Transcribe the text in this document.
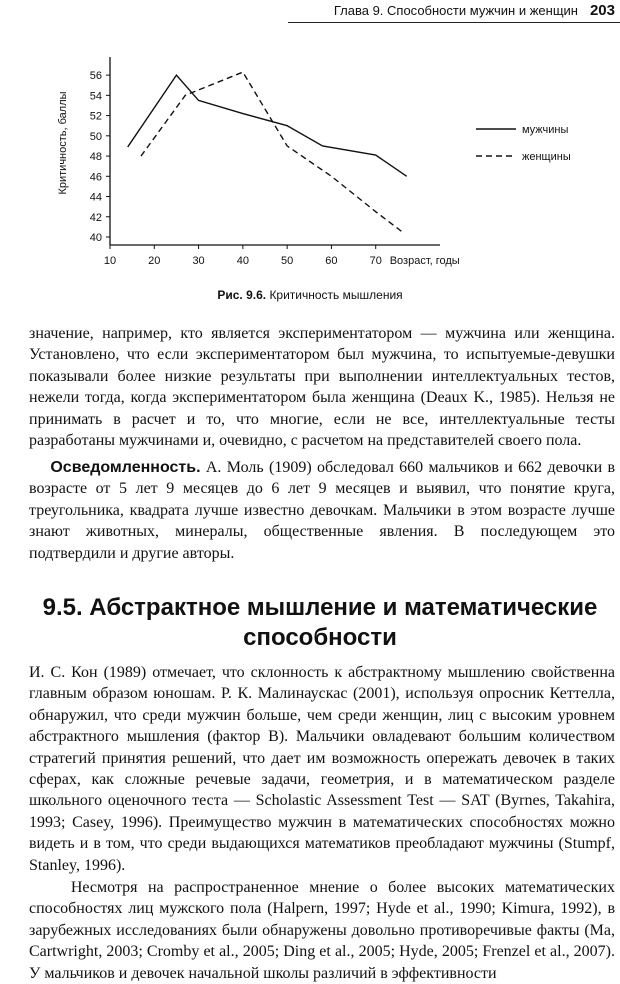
Глава 9. Способности мужчин и женщин 203
40
42
44
46
48
50
52
54
56
10	20	30	40	50	60	70 Возраст, годы
Критичность, баллы	мужчины
женщины
Рис. 9.6. Критичность мышления

значение, например, кто является экспериментатором — мужчина или женщина. Установлено, что если экспериментатором был мужчина, то испытуемые-девушки показывали более низкие результаты при выполнении интеллектуальных тестов, нежели тогда, когда экспериментатором была женщина (Deaux K., 1985). Нельзя не принимать в расчет и то, что многие, если не все, интеллектуальные тесты разработаны мужчинами и, очевидно, с расчетом на представителей своего пола.

Осведомленность. А. Моль (1909) обследовал 660 мальчиков и 662 девочки в возрасте от 5 лет 9 месяцев до 6 лет 9 месяцев и выявил, что понятие круга, треугольника, квадрата лучше известно девочкам. Мальчики в этом возрасте лучше знают животных, минералы, общественные явления. В последующем это подтвердили и другие авторы.

9.5. Абстрактное мышление и математические способности

И. С. Кон (1989) отмечает, что склонность к абстрактному мышлению свойственна главным образом юношам. Р. К. Малинаускас (2001), используя опросник Кеттелла, обнаружил, что среди мужчин больше, чем среди женщин, лиц с высоким уровнем абстрактного мышления (фактор B). Мальчики овладевают большим количеством стратегий принятия решений, что дает им возможность опережать девочек в таких сферах, как сложные речевые задачи, геометрия, и в математическом разделе школьного оценочного теста — Scholastic Assessment Test — SAT (Byrnes, Takahira, 1993; Casey, 1996). Преимущество мужчин в математических способностях можно видеть и в том, что среди выдающихся математиков преобладают мужчины (Stumpf, Stanley, 1996).

Несмотря на распространенное мнение о более высоких математических способностях лиц мужского пола (Halpern, 1997; Hyde et al., 1990; Kimura, 1992), в зарубежных исследованиях были обнаружены довольно противоречивые факты (Ma, Cartwright, 2003; Cromby et al., 2005; Ding et al., 2005; Hyde, 2005; Frenzel et al., 2007). У мальчиков и девочек начальной школы различий в эффективности
